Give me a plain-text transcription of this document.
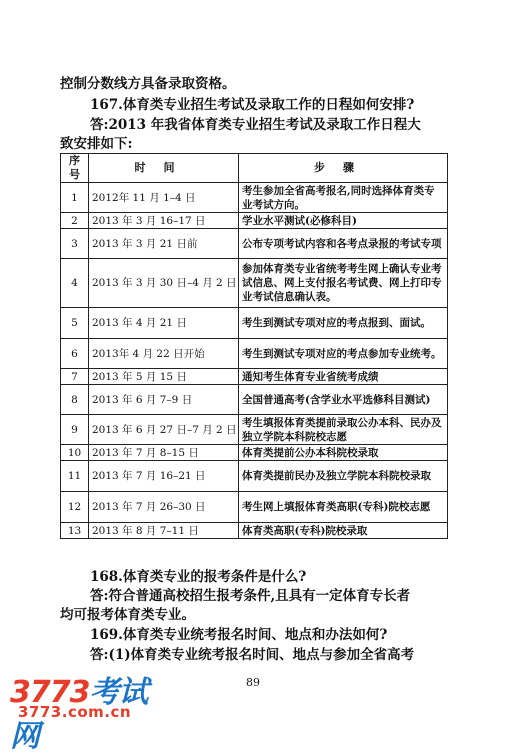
控制分数线方具备录取资格。
167.体育类专业招生考试及录取工作的日程如何安排?
答:2013 年我省体育类专业招生考试及录取工作日程大
致安排如下:
序号	时间	步骤
1	2012年 11 月 1–4 日	考生参加全省高考报名,同时选择体育类专业考试方向。
2	2013 年 3 月 16–17 日	学业水平测试(必修科目)
3	2013 年 3 月 21 日前	公布专项考试内容和各考点录报的考试专项
4	2013 年 3 月 30 日–4 月 2 日	参加体育类专业省统考考生网上确认专业考试信息、网上支付报名考试费、网上打印专业考试信息确认表。
5	2013 年 4 月 21 日	考生到测试专项对应的考点报到、面试。
6	2013年 4 月 22 日开始	考生到测试专项对应的考点参加专业统考。
7	2013 年 5 月 15 日	通知考生体育专业省统考成绩
8	2013 年 6 月 7–9 日	全国普通高考(含学业水平选修科目测试)
9	2013 年 6 月 27 日–7 月 2 日	考生填报体育类提前录取公办本科、民办及独立学院本科院校志愿
10	2013 年 7 月 8–15 日	体育类提前公办本科院校录取
11	2013 年 7 月 16–21 日	体育类提前民办及独立学院本科院校录取
12	2013 年 7 月 26–30 日	考生网上填报体育类高职(专科)院校志愿
13	2013 年 8 月 7–11 日	体育类高职(专科)院校录取
168.体育类专业的报考条件是什么?
答:符合普通高校招生报考条件,且具有一定体育专长者
均可报考体育类专业。
169.体育类专业统考报名时间、地点和办法如何?
答:(1)体育类专业统考报名时间、地点与参加全省高考
89
3773考试网
3773.com.cn
